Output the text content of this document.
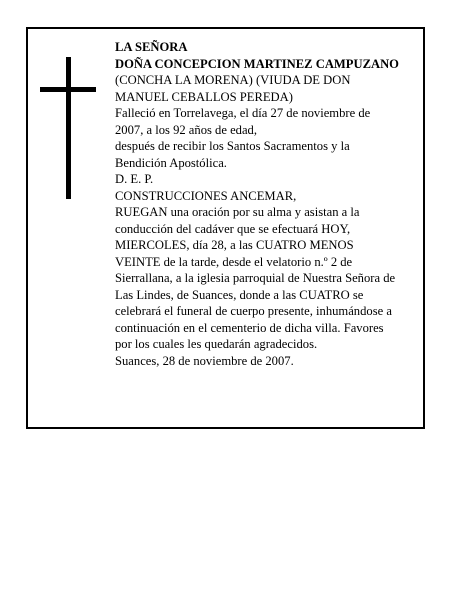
LA SEÑORA
DOÑA CONCEPCION MARTINEZ CAMPUZANO
(CONCHA LA MORENA) (VIUDA DE DON
MANUEL CEBALLOS PEREDA)
Falleció en Torrelavega, el día 27 de noviembre de
2007, a los 92 años de edad,
después de recibir los Santos Sacramentos y la
Bendición Apostólica.
D. E. P.
CONSTRUCCIONES ANCEMAR,
RUEGAN una oración por su alma y asistan a la
conducción del cadáver que se efectuará HOY,
MIERCOLES, día 28, a las CUATRO MENOS
VEINTE de la tarde, desde el velatorio n.º 2 de
Sierrallana, a la iglesia parroquial de Nuestra Señora de
Las Lindes, de Suances, donde a las CUATRO se
celebrará el funeral de cuerpo presente, inhumándose a
continuación en el cementerio de dicha villa. Favores
por los cuales les quedarán agradecidos.
Suances, 28 de noviembre de 2007.
